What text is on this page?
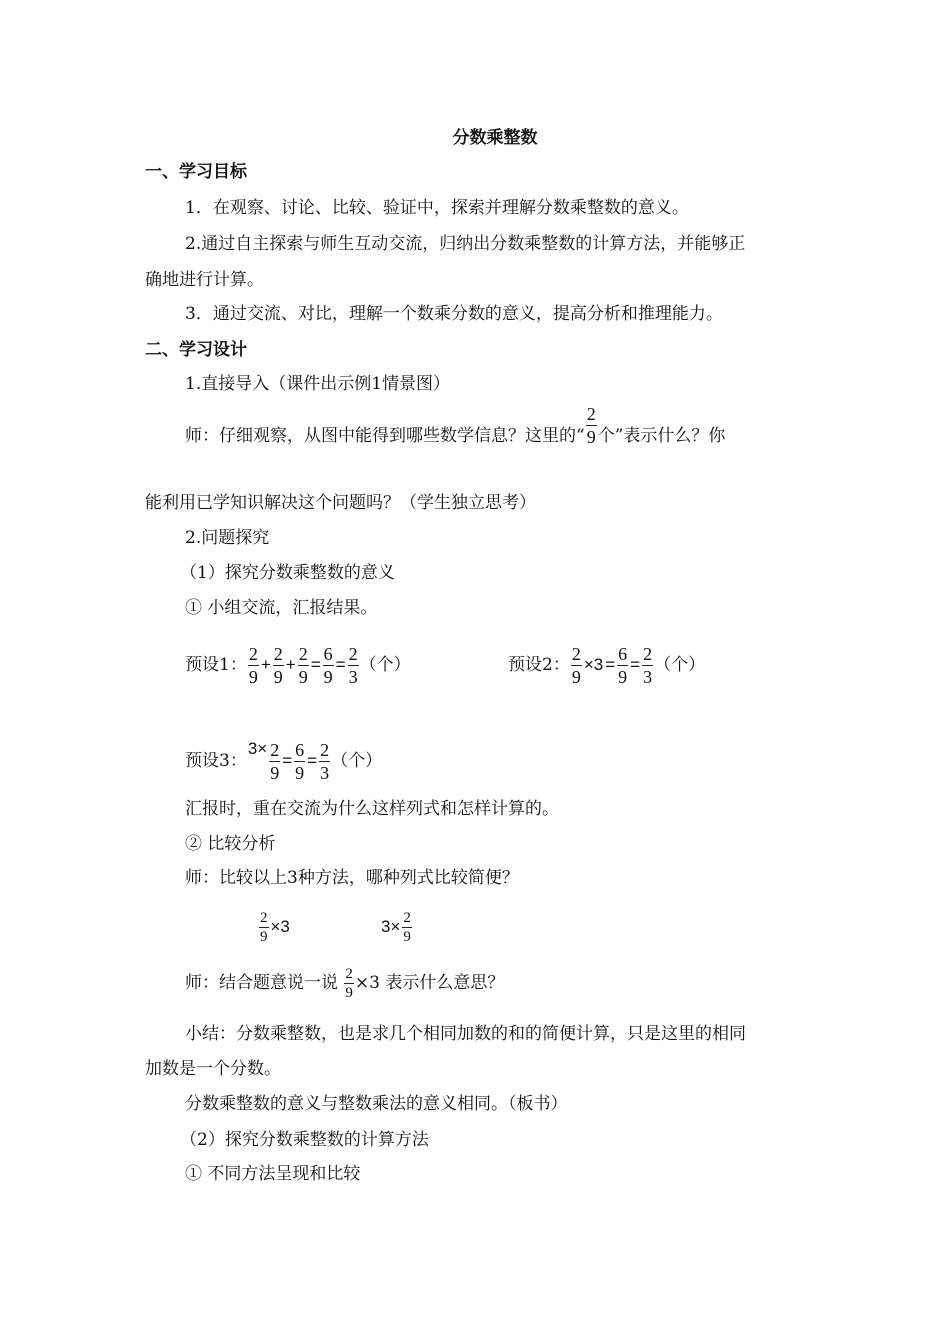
分数乘整数
一、学习目标
1．在观察、讨论、比较、验证中，探索并理解分数乘整数的意义。
2.通过自主探索与师生互动交流，归纳出分数乘整数的计算方法，并能够正
确地进行计算。
3．通过交流、对比，理解一个数乘分数的意义，提高分析和推理能力。
二、学习设计
1.直接导入（课件出示例1情景图）
师：仔细观察，从图中能得到哪些数学信息？这里的“ $\frac{2}{9}$ 个”表示什么？你
能利用已学知识解决这个问题吗？（学生独立思考）
2.问题探究
（1）探究分数乘整数的意义
① 小组交流，汇报结果。
预设1： $\frac{2}{9} + \frac{2}{9} + \frac{2}{9} = \frac{6}{9} = \frac{2}{3}$ （个）	预设2： $\frac{2}{9} \times 3 = \frac{6}{9} = \frac{2}{3}$ （个）
预设3：$3\times \frac{2}{9} = \frac{6}{9} = \frac{2}{3}$ （个）
汇报时，重在交流为什么这样列式和怎样计算的。
② 比较分析
师：比较以上3种方法，哪种列式比较简便？
$\frac{2}{9} \times 3$	$3\times \frac{2}{9}$
师：结合题意说一说 $\frac{2}{9} \times 3$ 表示什么意思？
小结：分数乘整数，也是求几个相同加数的和的简便计算，只是这里的相同
加数是一个分数。
分数乘整数的意义与整数乘法的意义相同。（板书）
（2）探究分数乘整数的计算方法
① 不同方法呈现和比较
